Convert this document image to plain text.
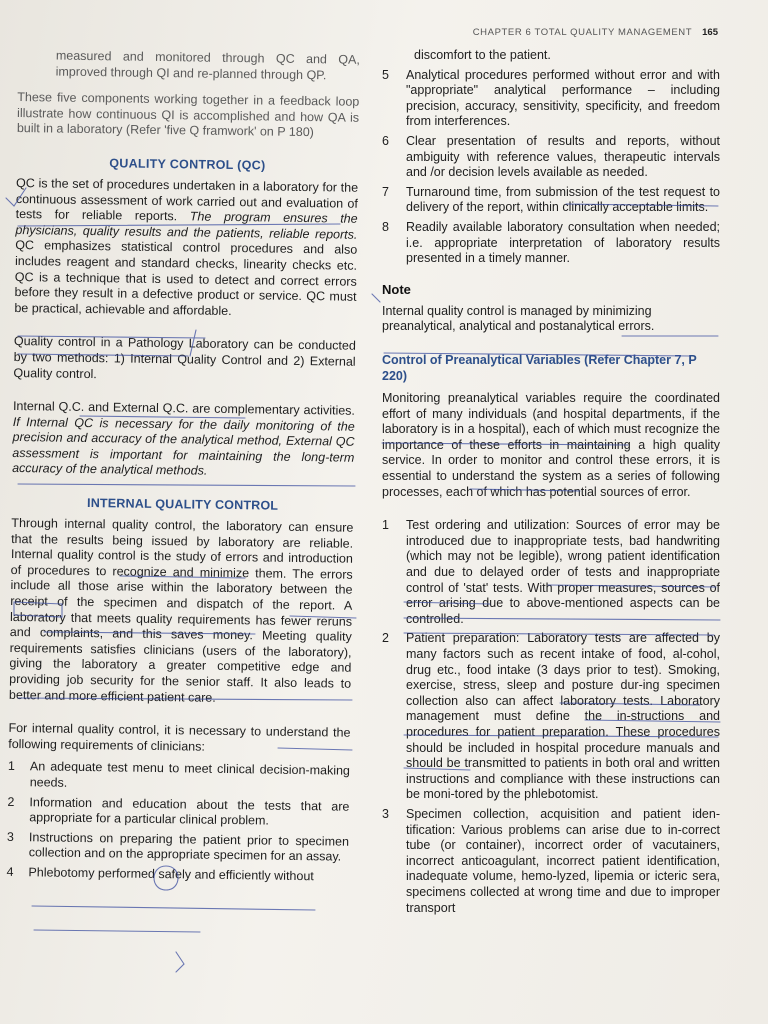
CHAPTER 6 TOTAL QUALITY MANAGEMENT 165

measured and monitored through QC and QA, improved through QI and re-planned through QP.

These five components working together in a feedback loop illustrate how continuous QI is accomplished and how QA is built in a laboratory (Refer 'five Q framwork' on P 180)

QUALITY CONTROL (QC)

QC is the set of procedures undertaken in a laboratory for the continuous assessment of work carried out and evaluation of tests for reliable reports. The program ensures the physicians, quality results and the patients, reliable reports. QC emphasizes statistical control procedures and also includes reagent and standard checks, linearity checks etc. QC is a technique that is used to detect and correct errors before they result in a defective product or service. QC must be practical, achievable and affordable.

Quality control in a Pathology Laboratory can be conducted by two methods: 1) Internal Quality Control and 2) External Quality control.

Internal Q.C. and External Q.C. are complementary activities. If Internal QC is necessary for the daily monitoring of the precision and accuracy of the analytical method, External QC assessment is important for maintaining the long-term accuracy of the analytical methods.

INTERNAL QUALITY CONTROL

Through internal quality control, the laboratory can ensure that the results being issued by laboratory are reliable. Internal quality control is the study of errors and introduction of procedures to recognize and minimize them. The errors include all those arise within the laboratory between the receipt of the specimen and dispatch of the report. A laboratory that meets quality requirements has fewer reruns and complaints, and this saves money. Meeting quality requirements satisfies clinicians (users of the laboratory), giving the laboratory a greater competitive edge and providing job security for the senior staff. It also leads to better and more efficient patient care.

For internal quality control, it is necessary to understand the following requirements of clinicians:

1	An adequate test menu to meet clinical decision-making needs.
2	Information and education about the tests that are appropriate for a particular clinical problem.
3	Instructions on preparing the patient prior to specimen collection and on the appropriate specimen for an assay.
4	Phlebotomy performed safely and efficiently without

discomfort to the patient.

5	Analytical procedures performed without error and with "appropriate" analytical performance – including precision, accuracy, sensitivity, specificity, and freedom from interferences.
6	Clear presentation of results and reports, without ambiguity with reference values, therapeutic intervals and /or decision levels available as needed.
7	Turnaround time, from submission of the test request to delivery of the report, within clinically acceptable limits.
8	Readily available laboratory consultation when needed; i.e. appropriate interpretation of laboratory results presented in a timely manner.
Note

Internal quality control is managed by minimizing preanalytical, analytical and postanalytical errors.

Control of Preanalytical Variables (Refer Chapter 7, P 220)

Monitoring preanalytical variables require the coordinated effort of many individuals (and hospital departments, if the laboratory is in a hospital), each of which must recognize the importance of these efforts in maintaining a high quality service. In order to monitor and control these errors, it is essential to understand the system as a series of following processes, each of which has potential sources of error.

1	Test ordering and utilization: Sources of error may be introduced due to inappropriate tests, bad handwriting (which may not be legible), wrong patient identification and due to delayed order of tests and inappropriate control of 'stat' tests. With proper measures, sources of error arising due to above-mentioned aspects can be controlled.
2	Patient preparation: Laboratory tests are affected by many factors such as recent intake of food, al-cohol, drug etc., food intake (3 days prior to test). Smoking, exercise, stress, sleep and posture dur-ing specimen collection also can affect laboratory tests. Laboratory management must define the in-structions and procedures for patient preparation. These procedures should be included in hospital procedure manuals and should be transmitted to patients in both oral and written instructions and compliance with these instructions can be moni-tored by the phlebotomist.
3	Specimen collection, acquisition and patient iden-tification: Various problems can arise due to in-correct tube (or container), incorrect order of vacutainers, incorrect anticoagulant, incorrect patient identification, inadequate volume, hemo-lyzed, lipemia or icteric sera, specimens collected at wrong time and due to improper transport
